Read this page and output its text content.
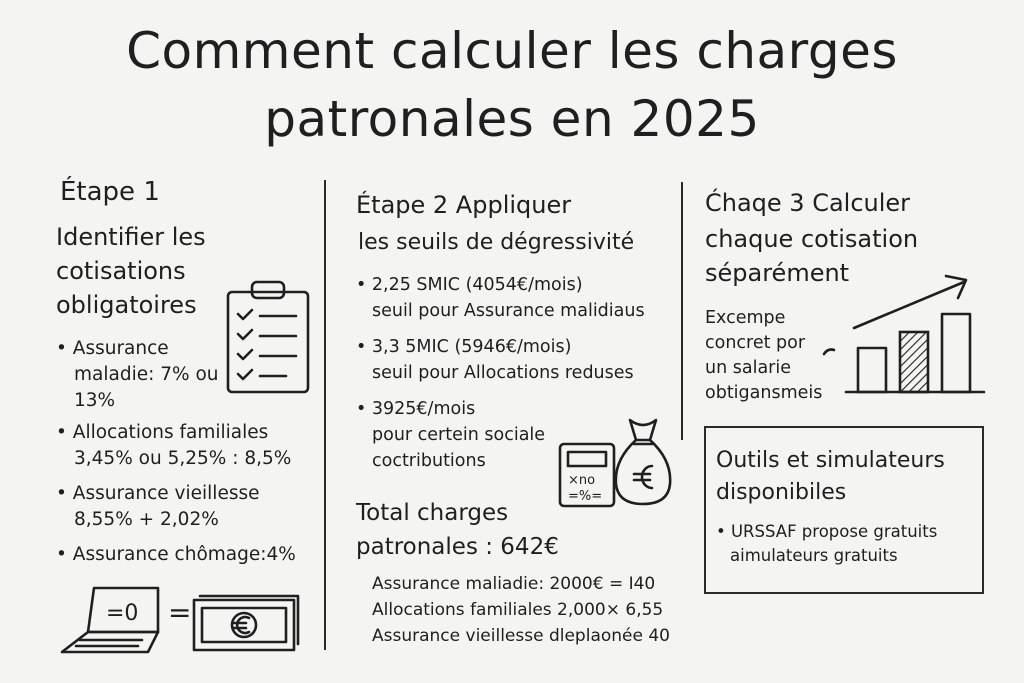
Comment calculer les charges
patronales en 2025
Étape 1
Identifier les
cotisations
obligatoires
• Assurance
maladie: 7% ou
13%
• Allocations familiales
3,45% ou 5,25% : 8,5%
• Assurance vieillesse
8,55% + 2,02%
• Assurance chômage:4%
=0 =
Étape 2 Appliquer
les seuils de dégressivité
• 2,25 SMIC (4054€/mois)
seuil pour Assurance malidiaus
• 3,3 5MIC (5946€/mois)
seuil pour Allocations reduses
• 3925€/mois
pour certein sociale
coctributions
×no
=%=
Total charges
patronales : 642€
Assurance maliadie: 2000€ = I40
Allocations familiales 2,000× 6,55
Assurance vieillesse dleplaonée 40
Ćhaqe 3 Calculer
chaque cotisation
séparément
Excempe
concret por
un salarie
obtigansmeis
Outils et simulateurs
disponibiles
• URSSAF propose gratuits
aimulateurs gratuits
